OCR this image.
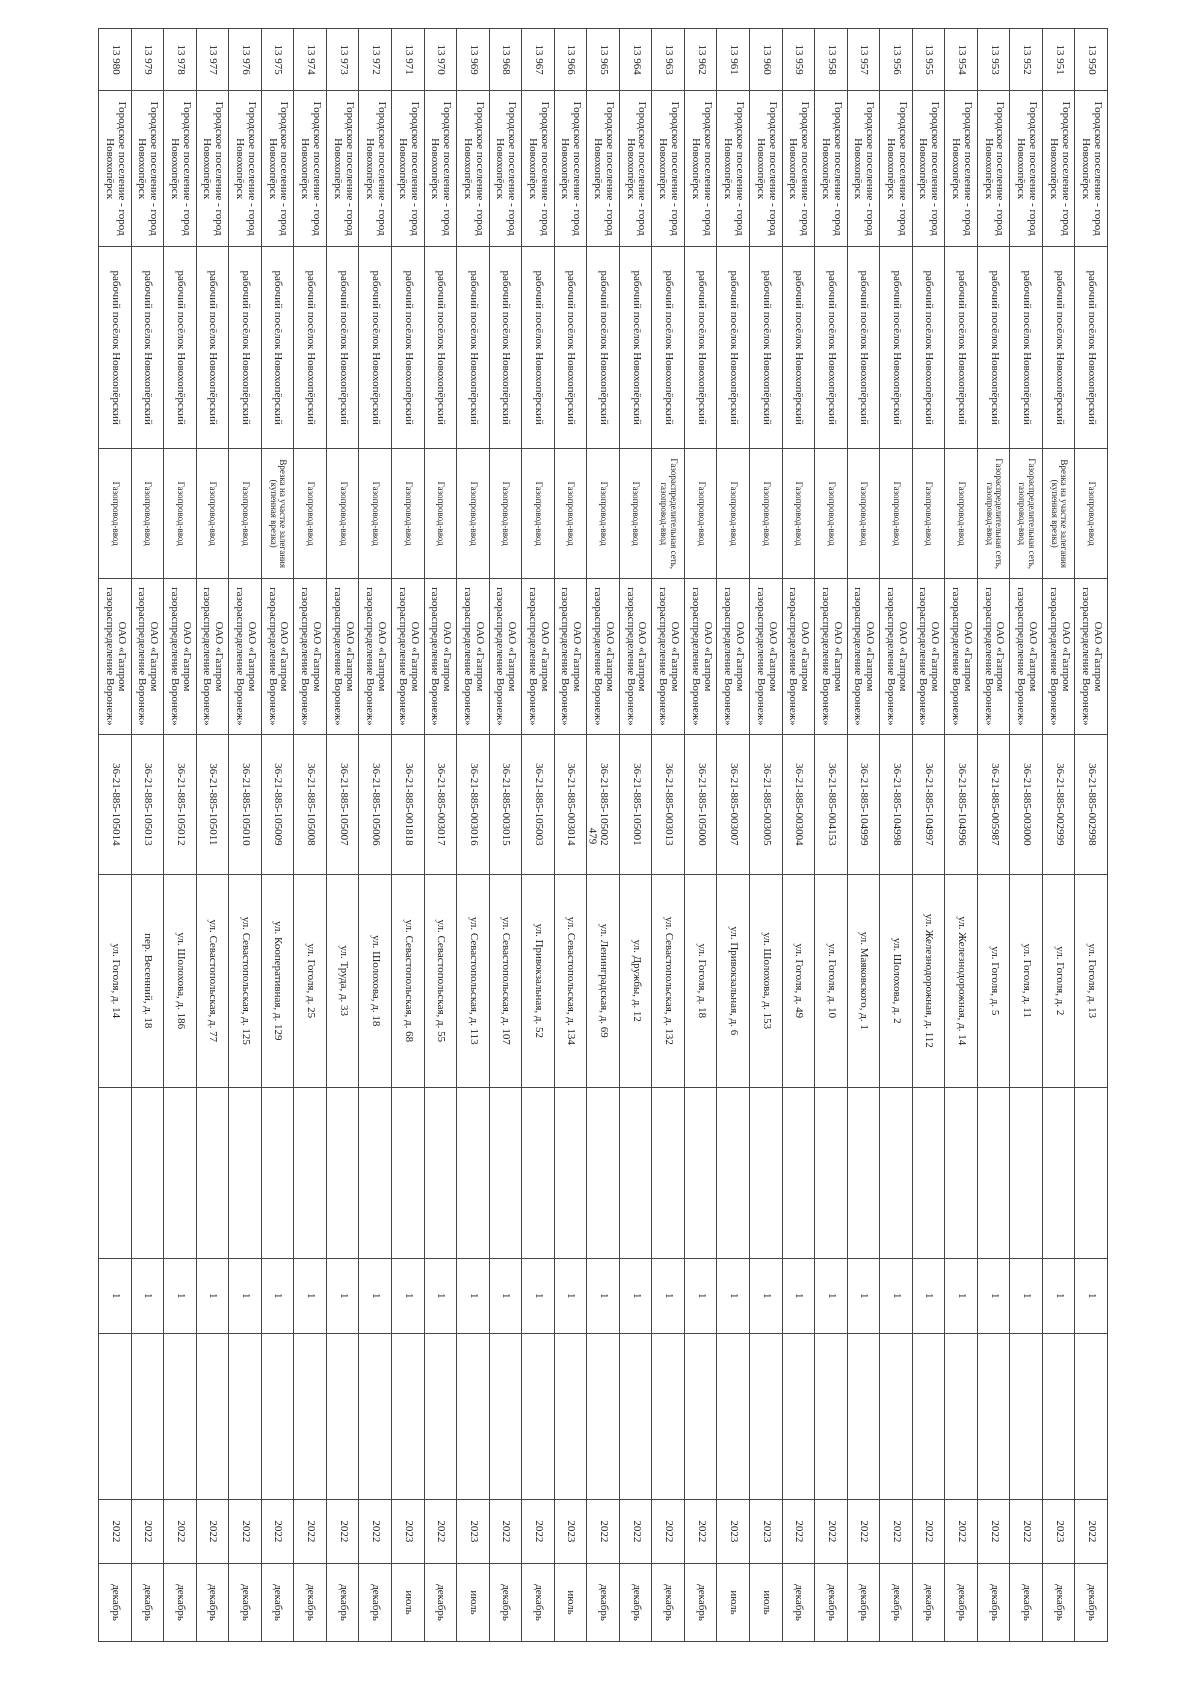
479
13 950	Городское поселение - город Новохопёрск	рабочий посёлок Новохопёрский	Газопровод-ввод	ОАО «Газпром газораспределение Воронеж»	36-21-885-002998	ул. Гоголя, д. 13		1		2022	декабрь
13 951	Городское поселение - город Новохопёрск	рабочий посёлок Новохопёрский	Врезка на участке залегания (купенная врезка)	ОАО «Газпром газораспределение Воронеж»	36-21-885-002999	ул. Гоголя, д. 2		1		2023	декабрь
13 952	Городское поселение - город Новохопёрск	рабочий посёлок Новохопёрский	Газораспределительная сеть, газопровод-ввод	ОАО «Газпром газораспределение Воронеж»	36-21-885-003000	ул. Гоголя, д. 11		1		2022	декабрь
13 953	Городское поселение - город Новохопёрск	рабочий посёлок Новохопёрский	Газораспределительная сеть, газопровод-ввод	ОАО «Газпром газораспределение Воронеж»	36-21-885-005987	ул. Гоголя, д. 5		1		2022	декабрь
13 954	Городское поселение - город Новохопёрск	рабочий посёлок Новохопёрский	Газопровод-ввод	ОАО «Газпром газораспределение Воронеж»	36-21-885-104996	ул. Железнодорожная, д. 14		1		2022	декабрь
13 955	Городское поселение - город Новохопёрск	рабочий посёлок Новохопёрский	Газопровод-ввод	ОАО «Газпром газораспределение Воронеж»	36-21-885-104997	ул. Железнодорожная, д. 112		1		2022	декабрь
13 956	Городское поселение - город Новохопёрск	рабочий посёлок Новохопёрский	Газопровод-ввод	ОАО «Газпром газораспределение Воронеж»	36-21-885-104998	ул. Шолохова, д. 2		1		2022	декабрь
13 957	Городское поселение - город Новохопёрск	рабочий посёлок Новохопёрский	Газопровод-ввод	ОАО «Газпром газораспределение Воронеж»	36-21-885-104999	ул. Маяковского, д. 1		1		2022	декабрь
13 958	Городское поселение - город Новохопёрск	рабочий посёлок Новохопёрский	Газопровод-ввод	ОАО «Газпром газораспределение Воронеж»	36-21-885-004153	ул. Гоголя, д. 10		1		2022	декабрь
13 959	Городское поселение - город Новохопёрск	рабочий посёлок Новохопёрский	Газопровод-ввод	ОАО «Газпром газораспределение Воронеж»	36-21-885-003004	ул. Гоголя, д. 49		1		2022	декабрь
13 960	Городское поселение - город Новохопёрск	рабочий посёлок Новохопёрский	Газопровод-ввод	ОАО «Газпром газораспределение Воронеж»	36-21-885-003005	ул. Шолохова, д. 153		1		2023	июль
13 961	Городское поселение - город Новохопёрск	рабочий посёлок Новохопёрский	Газопровод-ввод	ОАО «Газпром газораспределение Воронеж»	36-21-885-003007	ул. Привокзальная, д. 6		1		2023	июль
13 962	Городское поселение - город Новохопёрск	рабочий посёлок Новохопёрский	Газопровод-ввод	ОАО «Газпром газораспределение Воронеж»	36-21-885-105000	ул. Гоголя, д. 18		1		2022	декабрь
13 963	Городское поселение - город Новохопёрск	рабочий посёлок Новохопёрский	Газораспределительная сеть, газопровод-ввод	ОАО «Газпром газораспределение Воронеж»	36-21-885-003013	ул. Севастопольская, д. 132		1		2022	декабрь
13 964	Городское поселение - город Новохопёрск	рабочий посёлок Новохопёрский	Газопровод-ввод	ОАО «Газпром газораспределение Воронеж»	36-21-885-105001	ул. Дружбы, д. 12		1		2022	декабрь
13 965	Городское поселение - город Новохопёрск	рабочий посёлок Новохопёрский	Газопровод-ввод	ОАО «Газпром газораспределение Воронеж»	36-21-885-105002	ул. Ленинградская, д. 69		1		2022	декабрь
13 966	Городское поселение - город Новохопёрск	рабочий посёлок Новохопёрский	Газопровод-ввод	ОАО «Газпром газораспределение Воронеж»	36-21-885-003014	ул. Севастопольская, д. 134		1		2023	июль
13 967	Городское поселение - город Новохопёрск	рабочий посёлок Новохопёрский	Газопровод-ввод	ОАО «Газпром газораспределение Воронеж»	36-21-885-105003	ул. Привокзальная, д. 52		1		2022	декабрь
13 968	Городское поселение - город Новохопёрск	рабочий посёлок Новохопёрский	Газопровод-ввод	ОАО «Газпром газораспределение Воронеж»	36-21-885-003015	ул. Севастопольская, д. 107		1		2022	декабрь
13 969	Городское поселение - город Новохопёрск	рабочий посёлок Новохопёрский	Газопровод-ввод	ОАО «Газпром газораспределение Воронеж»	36-21-885-003016	ул. Севастопольская, д. 113		1		2023	июль
13 970	Городское поселение - город Новохопёрск	рабочий посёлок Новохопёрский	Газопровод-ввод	ОАО «Газпром газораспределение Воронеж»	36-21-885-003017	ул. Севастопольская, д. 55		1		2022	декабрь
13 971	Городское поселение - город Новохопёрск	рабочий посёлок Новохопёрский	Газопровод-ввод	ОАО «Газпром газораспределение Воронеж»	36-21-885-001818	ул. Севастопольская, д. 68		1		2023	июль
13 972	Городское поселение - город Новохопёрск	рабочий посёлок Новохопёрский	Газопровод-ввод	ОАО «Газпром газораспределение Воронеж»	36-21-885-105006	ул. Шолохова, д. 18		1		2022	декабрь
13 973	Городское поселение - город Новохопёрск	рабочий посёлок Новохопёрский	Газопровод-ввод	ОАО «Газпром газораспределение Воронеж»	36-21-885-105007	ул. Труда, д. 33		1		2022	декабрь
13 974	Городское поселение - город Новохопёрск	рабочий посёлок Новохопёрский	Газопровод-ввод	ОАО «Газпром газораспределение Воронеж»	36-21-885-105008	ул. Гоголя, д. 25		1		2022	декабрь
13 975	Городское поселение - город Новохопёрск	рабочий посёлок Новохопёрский	Врезка на участке залегания (купенная врезка)	ОАО «Газпром газораспределение Воронеж»	36-21-885-105009	ул. Кооперативная, д. 129		1		2022	декабрь
13 976	Городское поселение - город Новохопёрск	рабочий посёлок Новохопёрский	Газопровод-ввод	ОАО «Газпром газораспределение Воронеж»	36-21-885-105010	ул. Севастопольская, д. 125		1		2022	декабрь
13 977	Городское поселение - город Новохопёрск	рабочий посёлок Новохопёрский	Газопровод-ввод	ОАО «Газпром газораспределение Воронеж»	36-21-885-105011	ул. Севастопольская, д. 77		1		2022	декабрь
13 978	Городское поселение - город Новохопёрск	рабочий посёлок Новохопёрский	Газопровод-ввод	ОАО «Газпром газораспределение Воронеж»	36-21-885-105012	ул. Шолохова, д. 186		1		2022	декабрь
13 979	Городское поселение - город Новохопёрск	рабочий посёлок Новохопёрский	Газопровод-ввод	ОАО «Газпром газораспределение Воронеж»	36-21-885-105013	пер. Весенний, д. 18		1		2022	декабрь
13 980	Городское поселение - город Новохопёрск	рабочий посёлок Новохопёрский	Газопровод-ввод	ОАО «Газпром газораспределение Воронеж»	36-21-885-105014	ул. Гоголя, д. 14		1		2022	декабрь
